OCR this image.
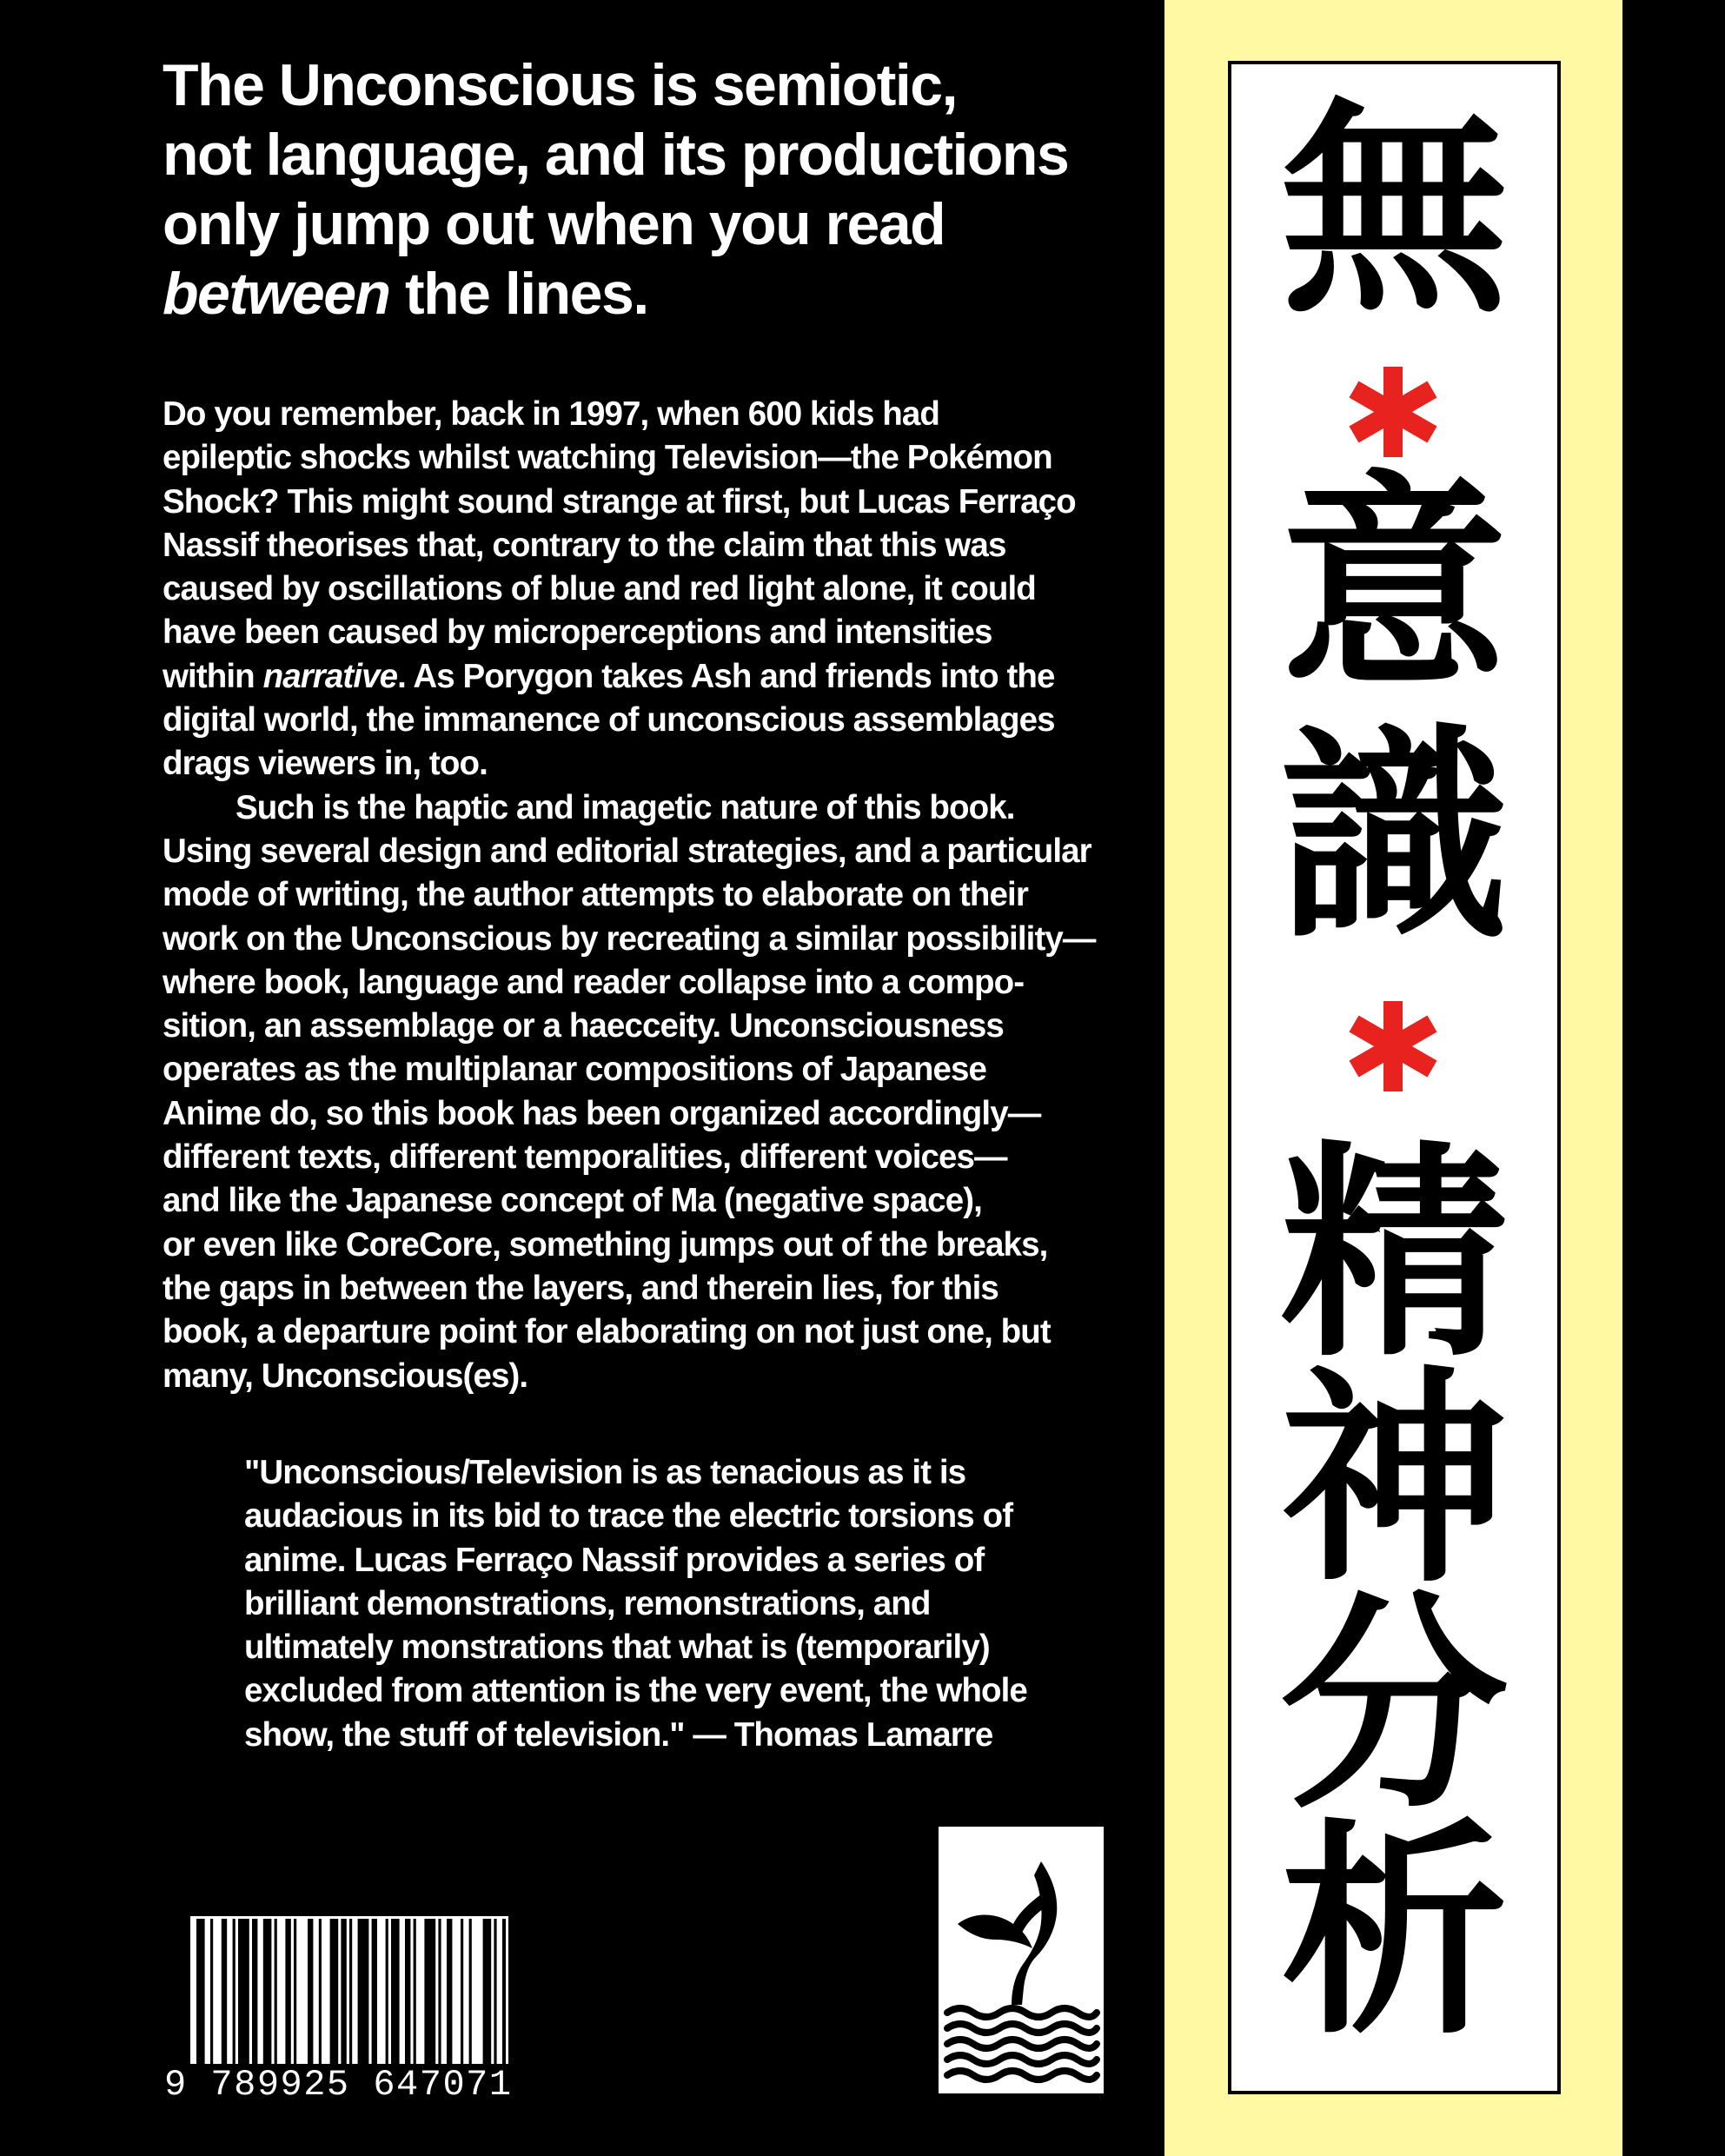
The Unconscious is semiotic,
not language, and its productions
only jump out when you read
between the lines.
Do you remember, back in 1997, when 600 kids had
epileptic shocks whilst watching Television—the Pokémon
Shock? This might sound strange at first, but Lucas Ferraço
Nassif theorises that, contrary to the claim that this was
caused by oscillations of blue and red light alone, it could
have been caused by microperceptions and intensities
within narrative. As Porygon takes Ash and friends into the
digital world, the immanence of unconscious assemblages
drags viewers in, too.
Such is the haptic and imagetic nature of this book.
Using several design and editorial strategies, and a particular
mode of writing, the author attempts to elaborate on their
work on the Unconscious by recreating a similar possibility—
where book, language and reader collapse into a compo-
sition, an assemblage or a haecceity. Unconsciousness
operates as the multiplanar compositions of Japanese
Anime do, so this book has been organized accordingly—
different texts, different temporalities, different voices—
and like the Japanese concept of Ma (negative space),
or even like CoreCore, something jumps out of the breaks,
the gaps in between the layers, and therein lies, for this
book, a departure point for elaborating on not just one, but
many, Unconscious(es).
"Unconscious/Television is as tenacious as it is
audacious in its bid to trace the electric torsions of
anime. Lucas Ferraço Nassif provides a series of
brilliant demonstrations, remonstrations, and
ultimately monstrations that what is (temporarily)
excluded from attention is the very event, the whole
show, the stuff of television." — Thomas Lamarre
9 789925 647071
無
意
識
精
神
分
析
